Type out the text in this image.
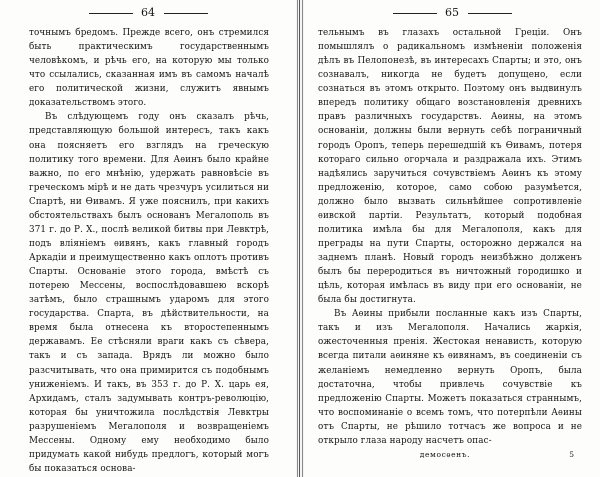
64

точнымъ бредомъ. Прежде всего, онъ стремился быть практическимъ государственнымъ человѣкомъ, и рѣчь его, на которую мы только что ссылались, сказанная имъ въ самомъ началѣ его политической жизни, служитъ явнымъ доказательствомъ этого.

Въ слѣдующемъ году онъ сказалъ рѣчь, представляющую большой интересъ, такъ какъ она поясняетъ его взглядъ на греческую политику того времени. Для Аѳинъ было крайне важно, по его мнѣнію, удержать равновѣсіе въ греческомъ мірѣ и не дать чрезчуръ усилиться ни Спартѣ, ни Ѳивамъ. Я уже пояснилъ, при какихъ обстоятельствахъ былъ основанъ Мегалополь въ 371 г. до Р. Х., послѣ великой битвы при Левктрѣ, подъ вліяніемъ ѳивянъ, какъ главный городъ Аркадіи и преимущественно какъ оплотъ противъ Спарты. Основаніе этого города, вмѣстѣ съ потерею Мессены, воспослѣдовавшею вскорѣ затѣмъ, было страшнымъ ударомъ для этого государства. Спарта, въ дѣйствительности, на время была отнесена къ второстепеннымъ державамъ. Ее стѣсняли враги какъ съ сѣвера, такъ и съ запада. Врядъ ли можно было разсчитывать, что она примирится съ подобнымъ униженіемъ. И такъ, въ 353 г. до Р. Х. царь ея, Архидамъ, сталъ задумывать контръ-революцію, которая бы уничтожила послѣдствія Левктры разрушеніемъ Мегалополя и возвращеніемъ Мессены. Одному ему необходимо было придумать какой нибудь предлогъ, который могъ бы показаться основа-

65

тельнымъ въ глазахъ остальной Греціи. Онъ помышлялъ о радикальномъ измѣненіи положенія дѣлъ въ Пелопонезѣ, въ интересахъ Спарты; и это, онъ сознавалъ, никогда не будетъ допущено, если сознаться въ этомъ открыто. Поэтому онъ выдвинулъ впередъ политику общаго возстановленія древнихъ правъ различныхъ государствъ. Аѳины, на этомъ основаніи, должны были вернуть себѣ пограничный городъ Оропъ, теперь перешедшій къ Ѳивамъ, потеря котораго сильно огорчала и раздражала ихъ. Этимъ надѣялись заручиться сочувствіемъ Аѳинъ къ этому предложенію, которое, само собою разумѣется, должно было вызвать сильнѣйшее сопротивленіе ѳивской партіи. Результатъ, который подобная политика имѣла бы для Мегалополя, какъ для преграды на пути Спарты, осторожно держался на заднемъ планѣ. Новый городъ неизбѣжно долженъ былъ бы переродиться въ ничтожный городишко и цѣль, которая имѣлась въ виду при его основаніи, не была бы достигнута.

Въ Аѳины прибыли посланные какъ изъ Спарты, такъ и изъ Мегалополя. Начались жаркія, ожесточенныя пренія. Жестокая ненависть, которую всегда питали аѳиняне къ ѳивянамъ, въ соединеніи съ желаніемъ немедленно вернуть Оропъ, была достаточна, чтобы привлечь сочувствіе къ предложенію Спарты. Можетъ показаться страннымъ, что воспоминаніе о всемъ томъ, что потерпѣли Аѳины отъ Спарты, не рѣшило тотчасъ же вопроса и не открыло глаза народу насчетъ опас-

демосѳенъ.	5
